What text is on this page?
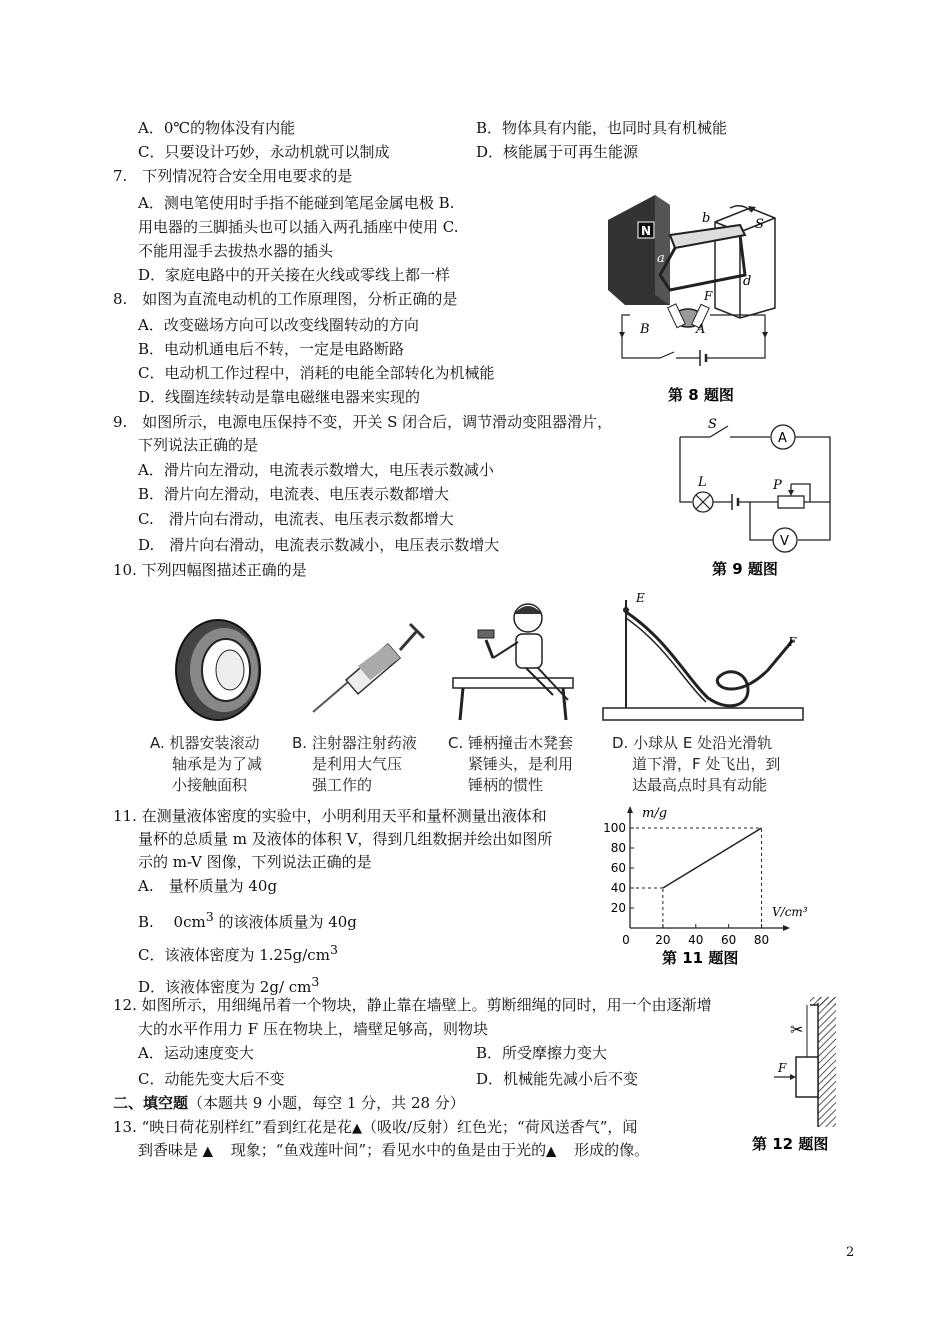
A．0℃的物体没有内能	B．物体具有内能，也同时具有机械能
C．只要设计巧妙，永动机就可以制成	D．核能属于可再生能源
7.　下列情况符合安全用电要求的是
A．测电笔使用时手指不能碰到笔尾金属电极 B.
用电器的三脚插头也可以插入两孔插座中使用 C.
不能用湿手去拔热水器的插头
D．家庭电路中的开关接在火线或零线上都一样
8.　如图为直流电动机的工作原理图，分析正确的是
A．改变磁场方向可以改变线圈转动的方向
B．电动机通电后不转，一定是电路断路
C．电动机工作过程中，消耗的电能全部转化为机械能
D．线圈连续转动是靠电磁继电器来实现的
N	S
b
a
d
F
B	A
第 8 题图
9.　如图所示，电源电压保持不变，开关 S 闭合后，调节滑动变阻器滑片，
下列说法正确的是
A．滑片向左滑动，电流表示数增大，电压表示数减小
B．滑片向左滑动，电流表、电压表示数都增大
C.　滑片向右滑动，电流表、电压表示数都增大
D.　滑片向右滑动，电流表示数减小，电压表示数增大
A
V
S
L	P
第 9 题图
10. 下列四幅图描述正确的是
E
F
A. 机器安装滚动
轴承是为了减
小接触面积
B. 注射器注射药液
是利用大气压
强工作的
C. 锤柄撞击木凳套
紧锤头，是利用
锤柄的惯性
D. 小球从 E 处沿光滑轨
道下滑，F 处飞出，到
达最高点时具有动能
11. 在测量液体密度的实验中，小明利用天平和量杯测量出液体和
量杯的总质量 m 及液体的体积 V，得到几组数据并绘出如图所
示的 m-V 图像，下列说法正确的是
A.　量杯质量为 40g
B.　 $0cm^3$ 的该液体质量为 40g
C．该液体密度为 $1.25g/cm^3$
D．该液体密度为 2g/ $cm^3$
100
80
60
40
20
0 20 40 60 80
m/g
V/cm³
第 11 题图
12. 如图所示，用细绳吊着一个物块，静止靠在墙壁上。剪断细绳的同时，用一个由逐渐增
大的水平作用力 F 压在物块上，墙壁足够高，则物块
A．运动速度变大	B．所受摩擦力变大
C．动能先变大后不变	D．机械能先减小后不变
✂
F
第 12 题图
二、填空题（本题共 9 小题，每空 1 分，共 28 分）
13. “映日荷花别样红”看到红花是花▲（吸收/反射）红色光；“荷风送香气”，闻
到香味是 ▲ 现象；“鱼戏莲叶间”；看见水中的鱼是由于光的▲ 形成的像。
2
